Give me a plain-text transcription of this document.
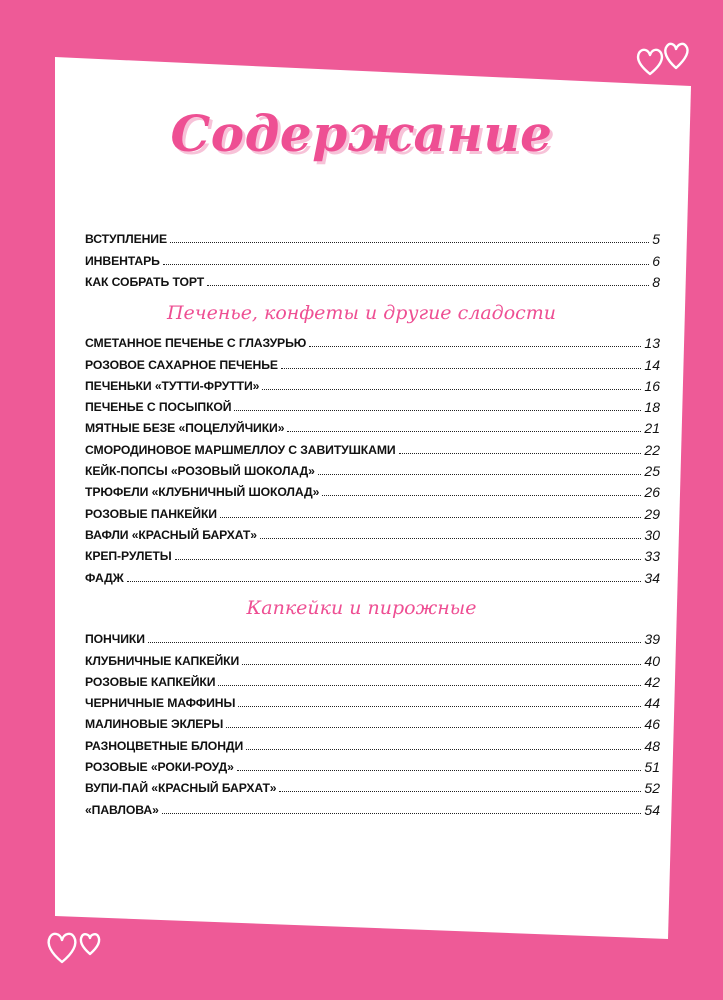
Содержание
ВСТУПЛЕНИЕ	5
ИНВЕНТАРЬ	6
КАК СОБРАТЬ ТОРТ	8
Печенье, конфеты и другие сладости
СМЕТАННОЕ ПЕЧЕНЬЕ С ГЛАЗУРЬЮ	13
РОЗОВОЕ САХАРНОЕ ПЕЧЕНЬЕ	14
ПЕЧЕНЬКИ «ТУТТИ-ФРУТТИ»	16
ПЕЧЕНЬЕ С ПОСЫПКОЙ	18
МЯТНЫЕ БЕЗЕ «ПОЦЕЛУЙЧИКИ»	21
СМОРОДИНОВОЕ МАРШМЕЛЛОУ С ЗАВИТУШКАМИ	22
КЕЙК-ПОПСЫ «РОЗОВЫЙ ШОКОЛАД»	25
ТРЮФЕЛИ «КЛУБНИЧНЫЙ ШОКОЛАД»	26
РОЗОВЫЕ ПАНКЕЙКИ	29
ВАФЛИ «КРАСНЫЙ БАРХАТ»	30
КРЕП-РУЛЕТЫ	33
ФАДЖ	34
Капкейки и пирожные
ПОНЧИКИ	39
КЛУБНИЧНЫЕ КАПКЕЙКИ	40
РОЗОВЫЕ КАПКЕЙКИ	42
ЧЕРНИЧНЫЕ МАФФИНЫ	44
МАЛИНОВЫЕ ЭКЛЕРЫ	46
РАЗНОЦВЕТНЫЕ БЛОНДИ	48
РОЗОВЫЕ «РОКИ-РОУД»	51
ВУПИ-ПАЙ «КРАСНЫЙ БАРХАТ»	52
«ПАВЛОВА»	54
